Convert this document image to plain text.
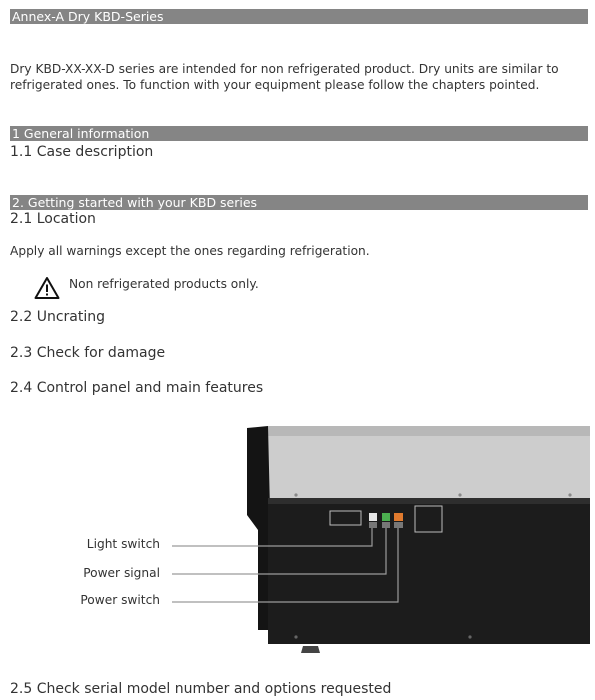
Annex-A Dry KBD-Series
Dry KBD-XX-XX-D series are intended for non refrigerated product. Dry units are similar to refrigerated ones. To function with your equipment please follow the chapters pointed.
1 General information
1.1 Case description
2. Getting started with your KBD series
2.1 Location
Apply all warnings except the ones regarding refrigeration.
Non refrigerated products only.
2.2 Uncrating
2.3 Check for damage
2.4 Control panel and main features
Light switch
Power signal
Power switch
2.5 Check serial model number and options requested
